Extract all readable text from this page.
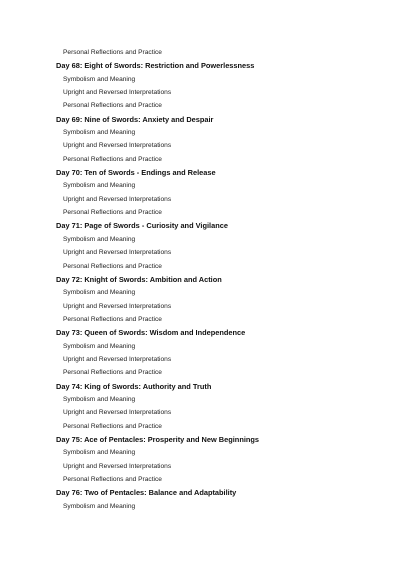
Personal Reflections and Practice
Day 68: Eight of Swords: Restriction and Powerlessness
Symbolism and Meaning
Upright and Reversed Interpretations
Personal Reflections and Practice
Day 69: Nine of Swords: Anxiety and Despair
Symbolism and Meaning
Upright and Reversed Interpretations
Personal Reflections and Practice
Day 70: Ten of Swords - Endings and Release
Symbolism and Meaning
Upright and Reversed Interpretations
Personal Reflections and Practice
Day 71: Page of Swords - Curiosity and Vigilance
Symbolism and Meaning
Upright and Reversed Interpretations
Personal Reflections and Practice
Day 72: Knight of Swords: Ambition and Action
Symbolism and Meaning
Upright and Reversed Interpretations
Personal Reflections and Practice
Day 73: Queen of Swords: Wisdom and Independence
Symbolism and Meaning
Upright and Reversed Interpretations
Personal Reflections and Practice
Day 74: King of Swords: Authority and Truth
Symbolism and Meaning
Upright and Reversed Interpretations
Personal Reflections and Practice
Day 75: Ace of Pentacles: Prosperity and New Beginnings
Symbolism and Meaning
Upright and Reversed Interpretations
Personal Reflections and Practice
Day 76: Two of Pentacles: Balance and Adaptability
Symbolism and Meaning
